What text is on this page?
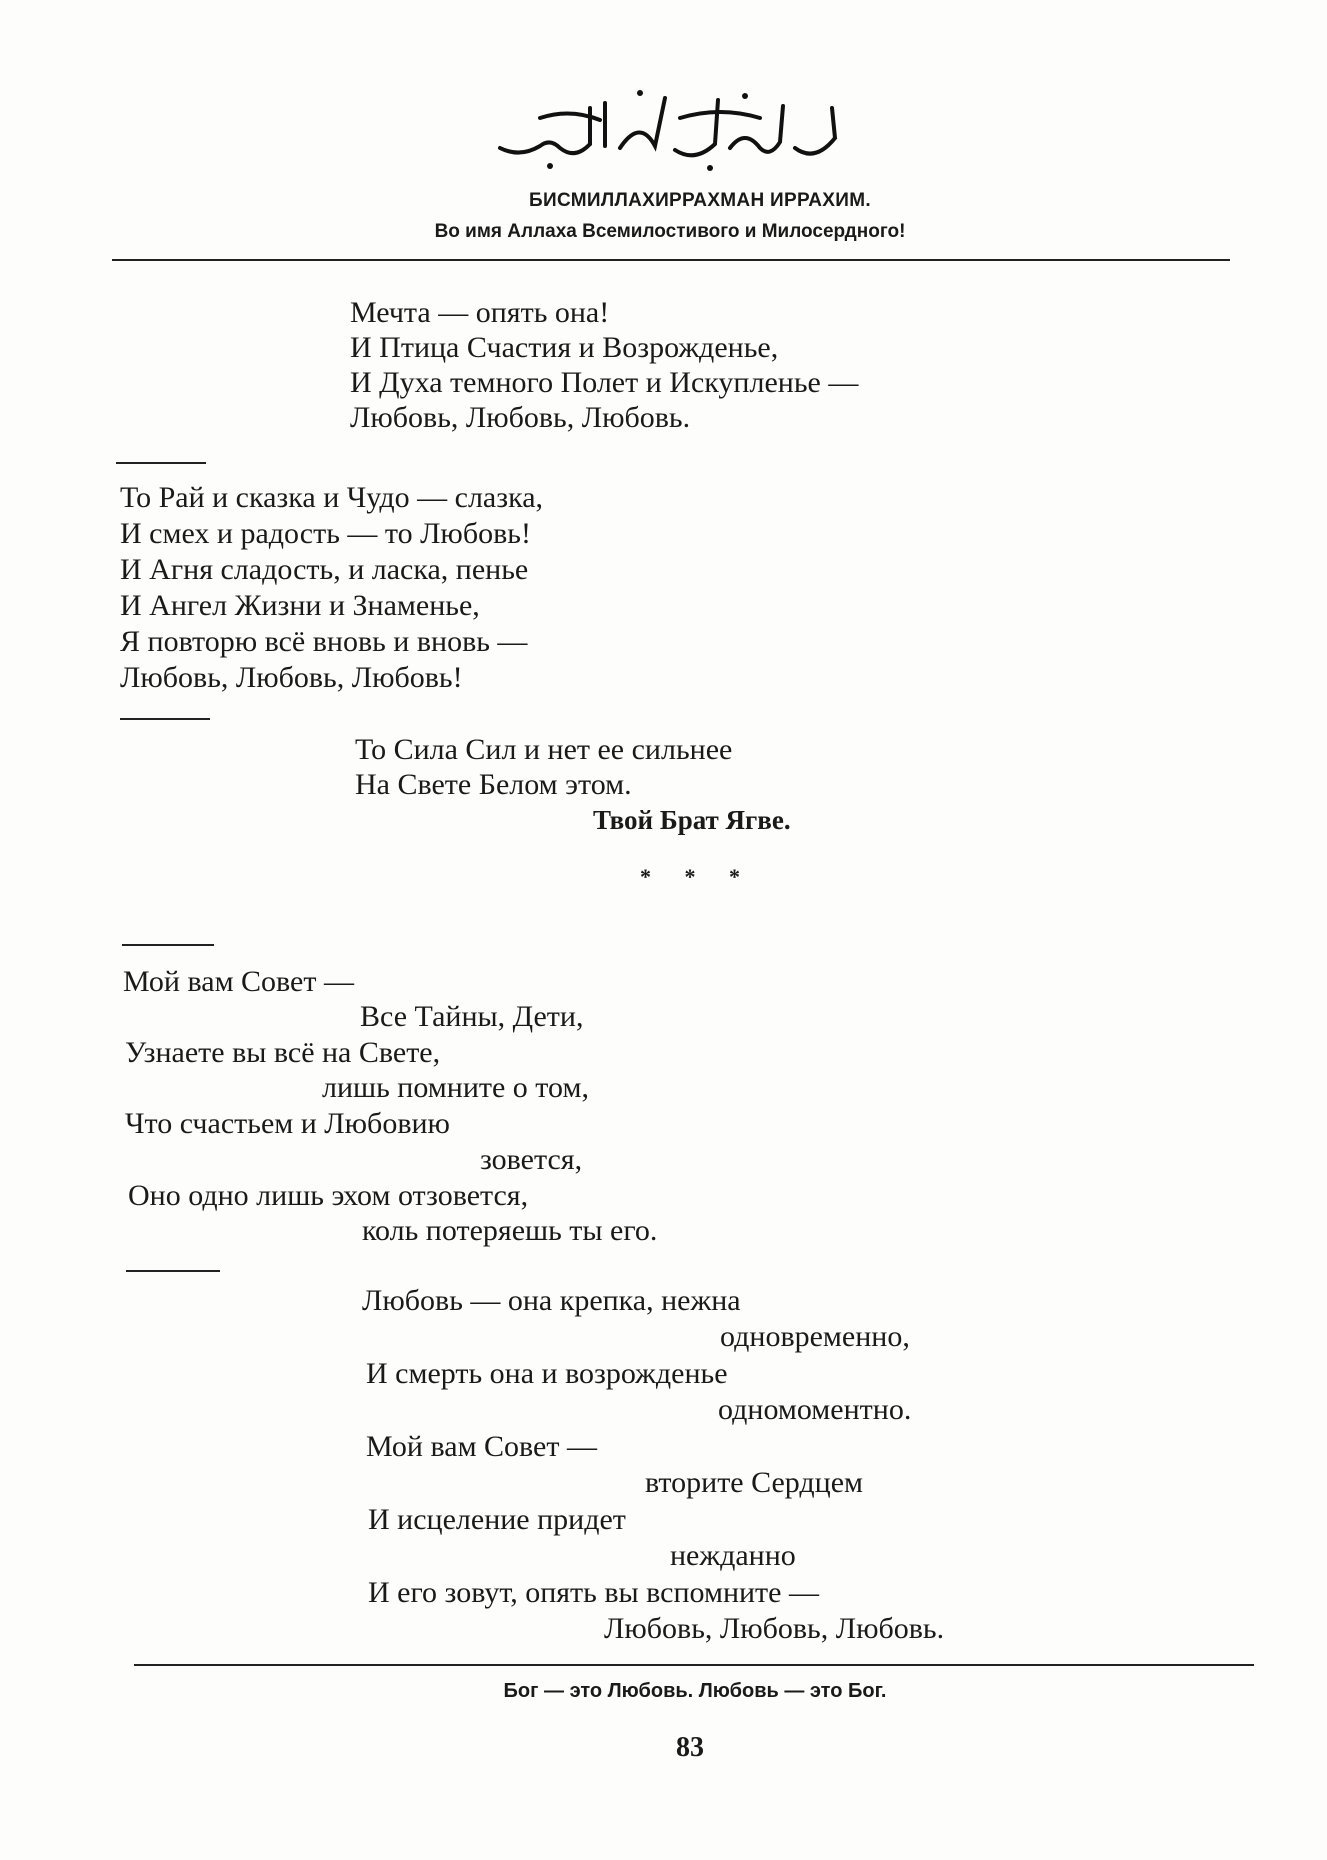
БИСМИЛЛАХИРРАХМАН ИРРАХИМ.
Во имя Аллаха Всемилостивого и Милосердного!
Мечта — опять она!
И Птица Счастия и Возрожденье,
И Духа темного Полет и Искупленье —
Любовь, Любовь, Любовь.
То Рай и сказка и Чудо — слазка,
И смех и радость — то Любовь!
И Агня сладость, и ласка, пенье
И Ангел Жизни и Знаменье,
Я повторю всё вновь и вновь —
Любовь, Любовь, Любовь!
То Сила Сил и нет ее сильнее
На Свете Белом этом.
Твой Брат Ягве.
* * *
Мой вам Совет —
Все Тайны, Дети,
Узнаете вы всё на Свете,
лишь помните о том,
Что счастьем и Любовию
зовется,
Оно одно лишь эхом отзовется,
коль потеряешь ты его.
Любовь — она крепка, нежна
одновременно,
И смерть она и возрожденье
одномоментно.
Мой вам Совет —
вторите Сердцем
И исцеление придет
нежданно
И его зовут, опять вы вспомните —
Любовь, Любовь, Любовь.
Бог — это Любовь. Любовь — это Бог.
83
